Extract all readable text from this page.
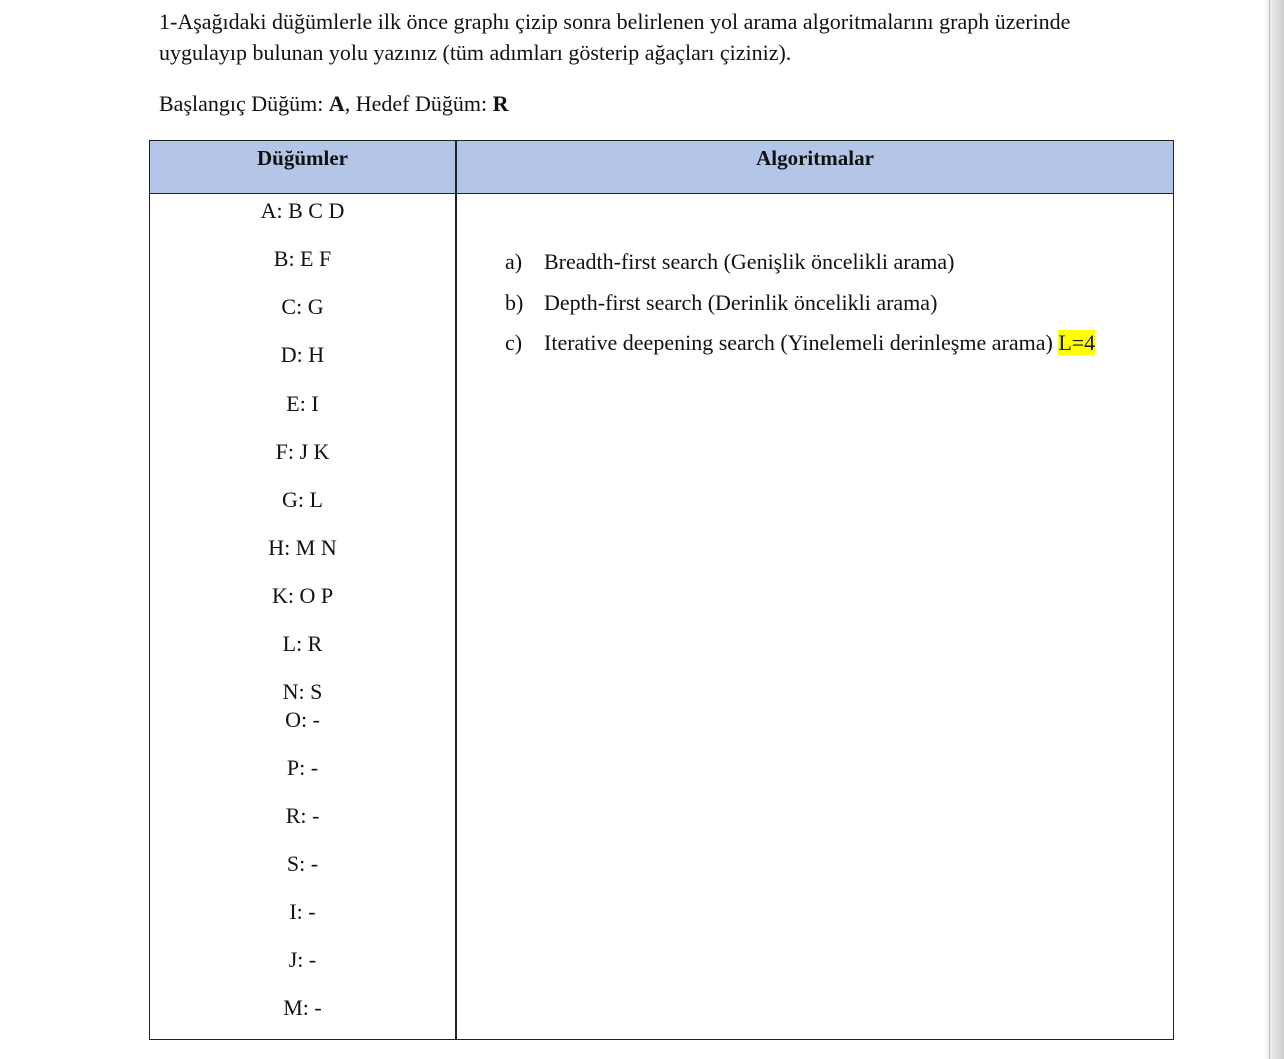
1-Aşağıdaki düğümlerle ilk önce graphı çizip sonra belirlenen yol arama algoritmalarını graph üzerinde uygulayıp bulunan yolu yazınız (tüm adımları gösterip ağaçları çiziniz).

Başlangıç Düğüm: A, Hedef Düğüm: R

Düğümler	Algoritmalar
A: B C D
B: E F
C: G
D: H
E: I
F: J K
G: L
H: M N
K: O P
L: R
N: S
O: -
P: -
R: -
S: -
I: -
J: -
M: -
a) Breadth-first search (Genişlik öncelikli arama)
b) Depth-first search (Derinlik öncelikli arama)
c) Iterative deepening search (Yinelemeli derinleşme arama) L=4
